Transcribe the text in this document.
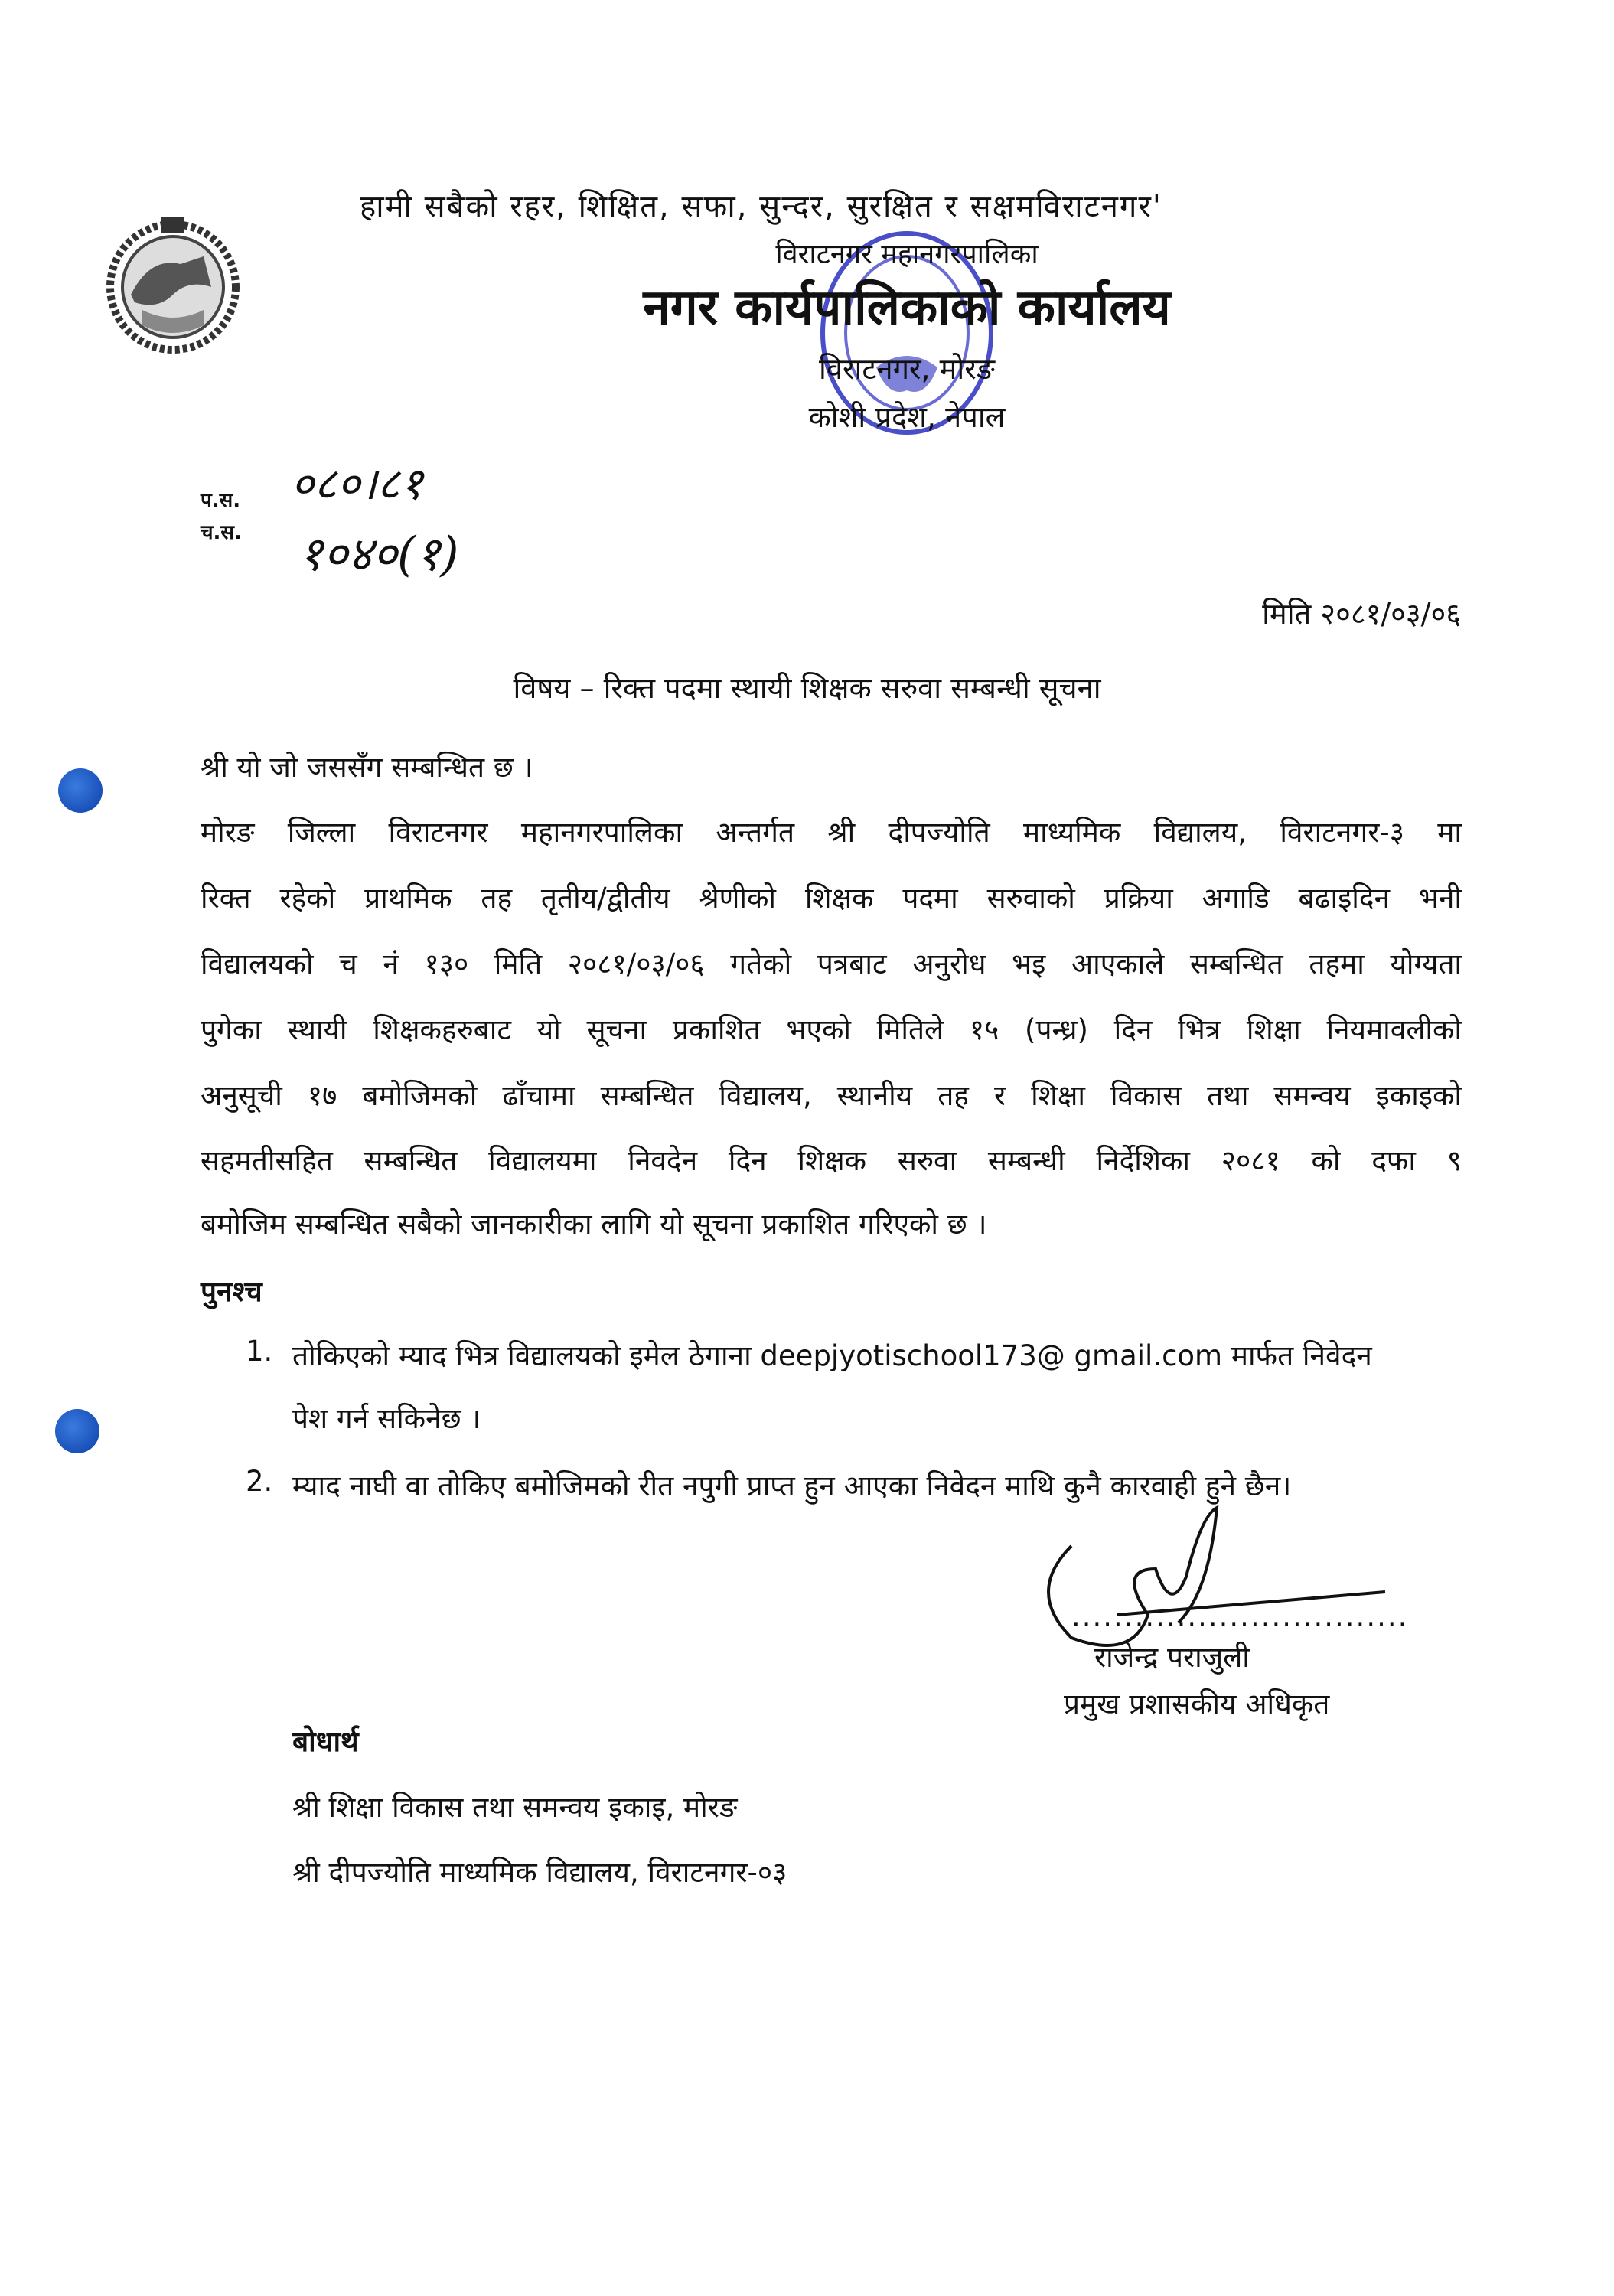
हामी सबैको रहर, शिक्षित, सफा, सुन्दर, सुरक्षित र सक्षमविराटनगर'
विराटनगर महानगरपालिका
नगर कार्यपालिकाको कार्यालय
विराटनगर, मोरङ
कोशी प्रदेश, नेपाल
प.स. ०८०।८१
च.स. १०४०(१)
मिति २०८१/०३/०६
विषय – रिक्त पदमा स्थायी शिक्षक सरुवा सम्बन्धी सूचना
श्री यो जो जससँग सम्बन्धित छ ।
मोरङ जिल्ला विराटनगर महानगरपालिका अन्तर्गत श्री दीपज्योति माध्यमिक विद्यालय, विराटनगर-३ मा
रिक्त रहेको प्राथमिक तह तृतीय/द्वीतीय श्रेणीको शिक्षक पदमा सरुवाको प्रक्रिया अगाडि बढाइदिन भनी
विद्यालयको च नं १३० मिति २०८१/०३/०६ गतेको पत्रबाट अनुरोध भइ आएकाले सम्बन्धित तहमा योग्यता
पुगेका स्थायी शिक्षकहरुबाट यो सूचना प्रकाशित भएको मितिले १५ (पन्ध्र) दिन भित्र शिक्षा नियमावलीको
अनुसूची १७ बमोजिमको ढाँचामा सम्बन्धित विद्यालय, स्थानीय तह र शिक्षा विकास तथा समन्वय इकाइको
सहमतीसहित सम्बन्धित विद्यालयमा निवदेन दिन शिक्षक सरुवा सम्बन्धी निर्देशिका २०८१ को दफा ९
बमोजिम सम्बन्धित सबैको जानकारीका लागि यो सूचना प्रकाशित गरिएको छ ।
पुनश्च
1. तोकिएको म्याद भित्र विद्यालयको इमेल ठेगाना deepjyotischool173@ gmail.com मार्फत निवेदन
पेश गर्न सकिनेछ ।
2. म्याद नाघी वा तोकिए बमोजिमको रीत नपुगी प्राप्त हुन आएका निवेदन माथि कुनै कारवाही हुने छैन।
................................
राजेन्द्र पराजुली
प्रमुख प्रशासकीय अधिकृत
बोधार्थ
श्री शिक्षा विकास तथा समन्वय इकाइ, मोरङ
श्री दीपज्योति माध्यमिक विद्यालय, विराटनगर-०३
